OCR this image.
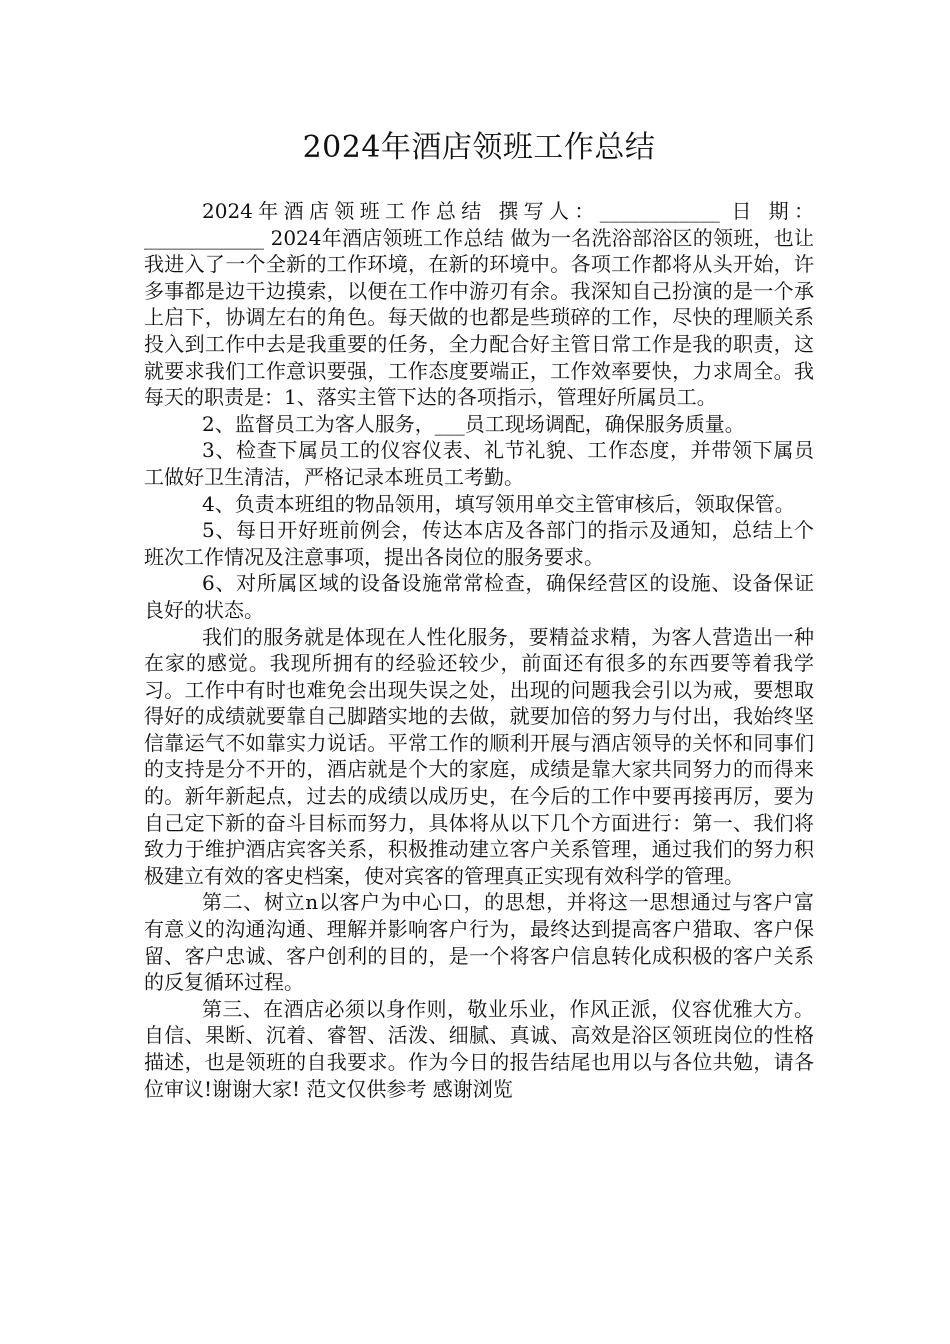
2024年酒店领班工作总结

2024年酒店领班工作总结 撰写人：____________ 日 期：____________ 2024年酒店领班工作总结 做为一名洗浴部浴区的领班，也让我进入了一个全新的工作环境，在新的环境中。各项工作都将从头开始，许多事都是边干边摸索，以便在工作中游刃有余。我深知自己扮演的是一个承上启下，协调左右的角色。每天做的也都是些琐碎的工作，尽快的理顺关系投入到工作中去是我重要的任务，全力配合好主管日常工作是我的职责，这就要求我们工作意识要强，工作态度要端正，工作效率要快，力求周全。我每天的职责是：1、落实主管下达的各项指示，管理好所属员工。

2、监督员工为客人服务，___员工现场调配，确保服务质量。

3、检查下属员工的仪容仪表、礼节礼貌、工作态度，并带领下属员工做好卫生清洁，严格记录本班员工考勤。

4、负责本班组的物品领用，填写领用单交主管审核后，领取保管。

5、每日开好班前例会，传达本店及各部门的指示及通知，总结上个班次工作情况及注意事项，提出各岗位的服务要求。

6、对所属区域的设备设施常常检查，确保经营区的设施、设备保证良好的状态。

我们的服务就是体现在人性化服务，要精益求精，为客人营造出一种在家的感觉。我现所拥有的经验还较少，前面还有很多的东西要等着我学习。工作中有时也难免会出现失误之处，出现的问题我会引以为戒，要想取得好的成绩就要靠自己脚踏实地的去做，就要加倍的努力与付出，我始终坚信靠运气不如靠实力说话。平常工作的顺利开展与酒店领导的关怀和同事们的支持是分不开的，酒店就是个大的家庭，成绩是靠大家共同努力的而得来的。新年新起点，过去的成绩以成历史，在今后的工作中要再接再厉，要为自己定下新的奋斗目标而努力，具体将从以下几个方面进行：第一、我们将致力于维护酒店宾客关系，积极推动建立客户关系管理，通过我们的努力积极建立有效的客史档案，使对宾客的管理真正实现有效科学的管理。

第二、树立n以客户为中心口，的思想，并将这一思想通过与客户富有意义的沟通沟通、理解并影响客户行为，最终达到提高客户猎取、客户保留、客户忠诚、客户创利的目的，是一个将客户信息转化成积极的客户关系的反复循环过程。

第三、在酒店必须以身作则，敬业乐业，作风正派，仪容优雅大方。自信、果断、沉着、睿智、活泼、细腻、真诚、高效是浴区领班岗位的性格描述，也是领班的自我要求。作为今日的报告结尾也用以与各位共勉，请各位审议!谢谢大家! 范文仅供参考 感谢浏览
